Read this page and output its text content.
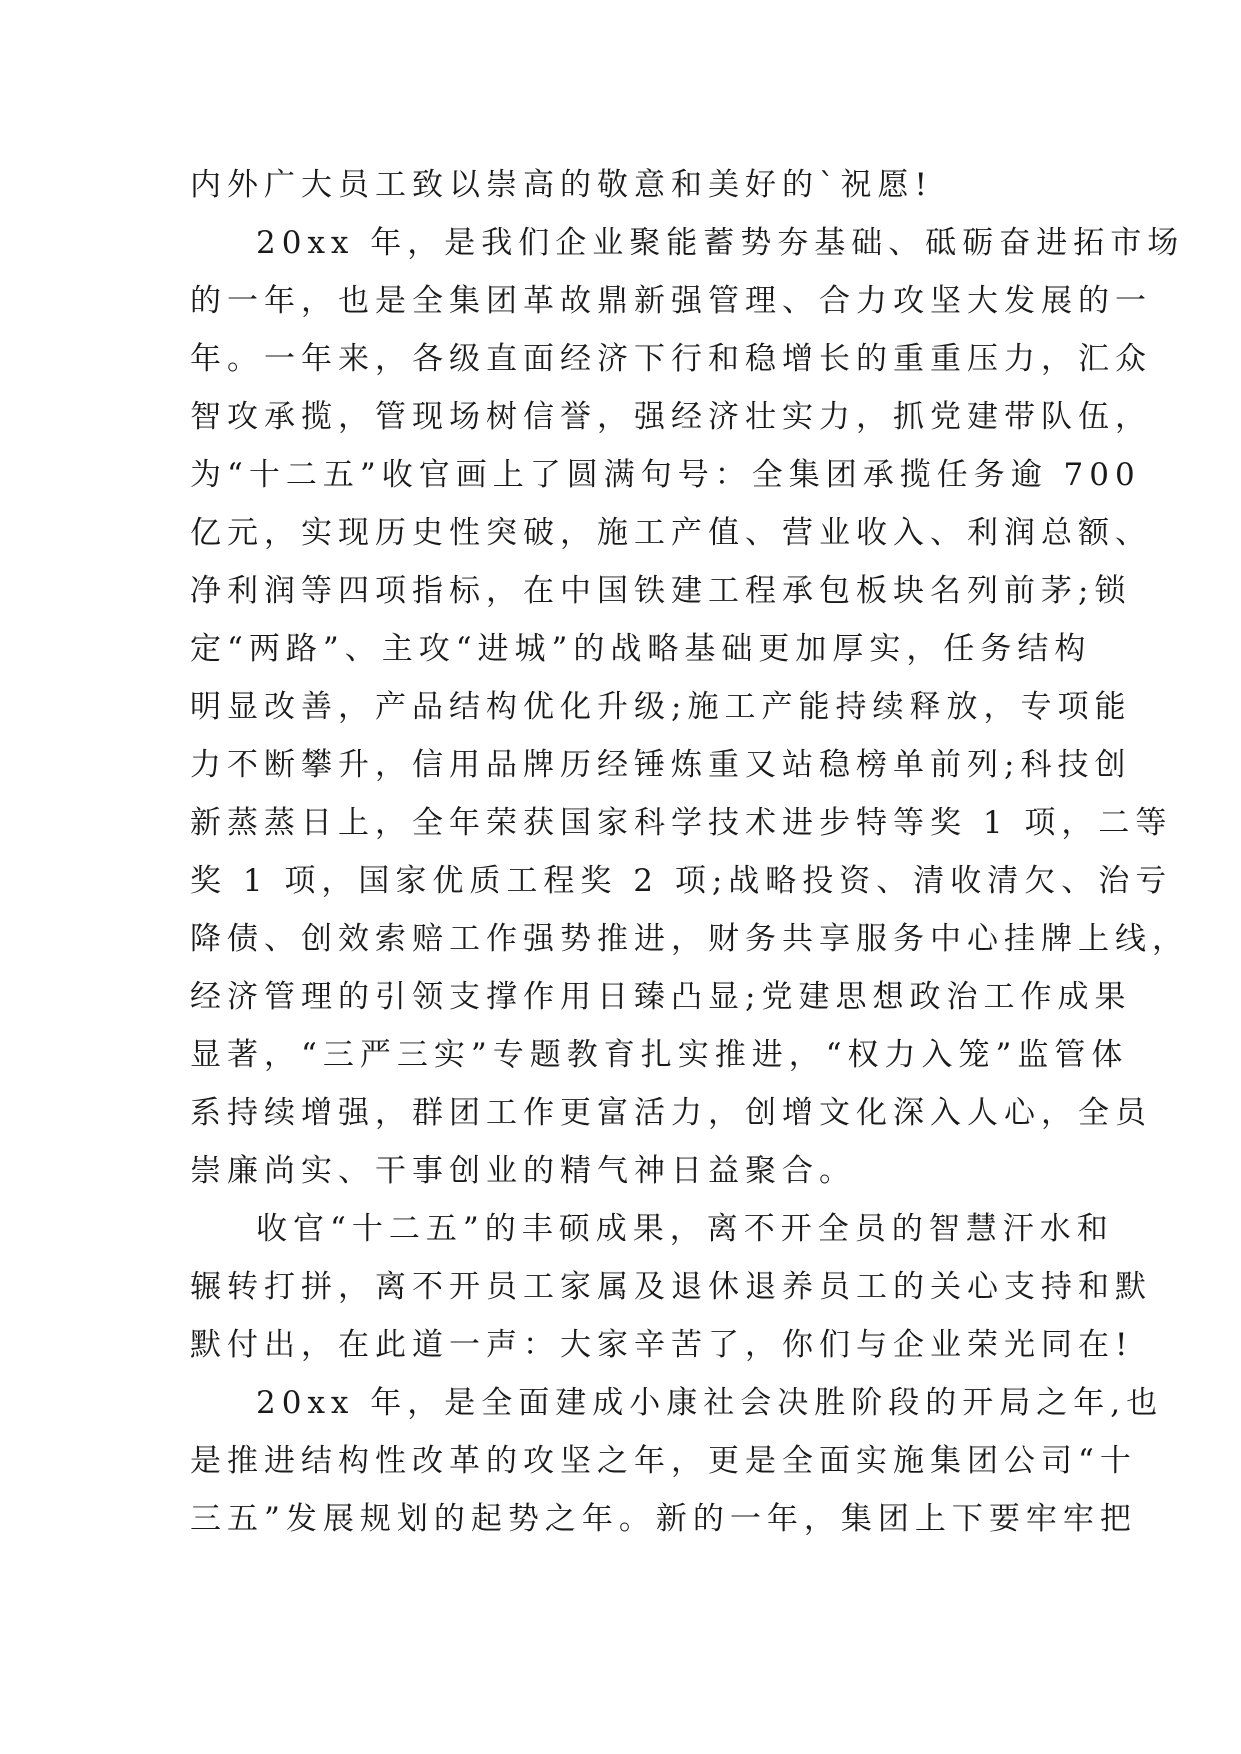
内外广大员工致以崇高的敬意和美好的`祝愿!
20xx 年，是我们企业聚能蓄势夯基础、砥砺奋进拓市场
的一年，也是全集团革故鼎新强管理、合力攻坚大发展的一
年。一年来，各级直面经济下行和稳增长的重重压力，汇众
智攻承揽，管现场树信誉，强经济壮实力，抓党建带队伍，
为“十二五”收官画上了圆满句号：全集团承揽任务逾 700
亿元，实现历史性突破，施工产值、营业收入、利润总额、
净利润等四项指标，在中国铁建工程承包板块名列前茅;锁
定“两路”、主攻“进城”的战略基础更加厚实，任务结构
明显改善，产品结构优化升级;施工产能持续释放，专项能
力不断攀升，信用品牌历经锤炼重又站稳榜单前列;科技创
新蒸蒸日上，全年荣获国家科学技术进步特等奖 1 项，二等
奖 1 项，国家优质工程奖 2 项;战略投资、清收清欠、治亏
降债、创效索赔工作强势推进，财务共享服务中心挂牌上线，
经济管理的引领支撑作用日臻凸显;党建思想政治工作成果
显著，“三严三实”专题教育扎实推进，“权力入笼”监管体
系持续增强，群团工作更富活力，创增文化深入人心，全员
崇廉尚实、干事创业的精气神日益聚合。
收官“十二五”的丰硕成果，离不开全员的智慧汗水和
辗转打拼，离不开员工家属及退休退养员工的关心支持和默
默付出，在此道一声：大家辛苦了，你们与企业荣光同在!
20xx 年，是全面建成小康社会决胜阶段的开局之年,也
是推进结构性改革的攻坚之年，更是全面实施集团公司“十
三五”发展规划的起势之年。新的一年，集团上下要牢牢把
